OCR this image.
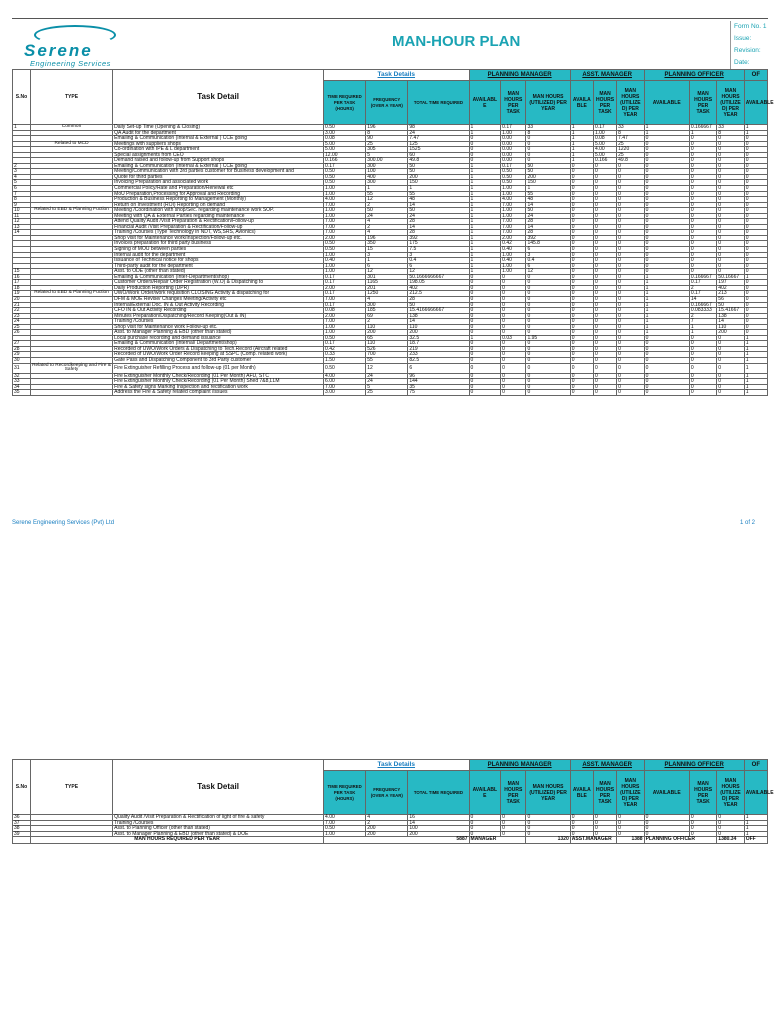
Serene
Engineering Services
MAN-HOUR PLAN
Form No. 1
Issue:
Revision:
Date:
S.No	TYPE	Task Detail	Task Details			PLANNING MANAGER			ASST. MANAGER			PLANNING OFFICER			OF
			TIME REQUIRED PER TASK (HOURS)	FREQUENCY (OVER A YEAR)	TOTAL TIME REQUIRED	AVAILABL E	MAN HOURS PER TASK	MAN HOURS (UTILIZED) PER YEAR	AVAILA BLE	MAN HOURS PER TASK	MAN HOURS (UTILIZE D) PER YEAR	AVAILABLE	MAN HOURS PER TASK	MAN HOURS (UTILIZE D) PER YEAR	AVAILABLE
1	Common	Daily Set-up Time (Opening & Closing)	0.50	196	98	1	0.17	33	1	0.17	33	1	0.166667	33	1
		QA Audit for the department	3.00	8	24	1	1.00	8	1	1.00	8	1	1	8	1
		Emailing & Communication (Internal & External ) CCE going	0.08	90	7.47	0	0.00	0	1	0.08	7.47	0	0	0	0
	Related to MCD	Meetings with suppliers shops	5.00	25	125	0	0.00	0	1	5.00	25	0	0	0	0
		Co-ordination with IPE & L department	5.00	305	1525	0	0.00	0	1	4.00	1220	0	0	0	0
		Special assignments from CEO	12.00	5	60	0	0.00	0	1	5.00	25	0	0	0	0
		Demand raised and follow-up from Support shops	0.166	300.00	49.8	0	0.00	0	1	0.166	49.8	0	0	0	0
2		Emailing & Communication (Internal & External ) CCE going	0.17	300	50	1	0.17	50	0	0	0	0	0	0	0
3		Meeting/Communication with 3rd parties customer for Business development and	0.50	100	50	1	0.50	50	0	0	0	0	0	0	0
4		Quote for third parties	0.50	400	200	1	0.50	200	0	0	0	0	0	0	0
5		Invoicing Preparation and associated work	0.50	300	150	1	0.50	150	0	0	0	0	0	0	0
6		Commercial Policy/Rate and Preparation/Renewal etc	1.00	1	1	1	1.00	1	0	0	0	0	0	0	0
7		MoU Preparation,Processing for Approval and Recording	1.00	55	55	1	1.00	55	0	0	0	0	0	0	0
8		Production & Business Reporting to Management (Monthly)	4.00	12	48	1	4.00	48	0	0	0	0	0	0	0
9		Return on Investment (ROI) Reporting on demand	7.00	2	14	1	7.00	14	0	0	0	0	0	0	0
10	Related to EBD & Planning Fuction	Meeting /Coordination with shop/Sec. regarding maintenance work SOP.	1.00	50	50	1	1.00	50	0	0	0	0	0	0	0
11		Meeting with QA & External Parties regarding maintenance	1.00	24	24	1	1.00	24	0	0	0	0	0	0	0
12		Attend Quality Audit /Visit Preparation & Rectification/Follow-up	7.00	4	28	1	7.00	28	0	0	0	0	0	0	0
13		Financial Audit /Visit Preparation & Rectification/Follow-up	7.00	2	14	1	7.00	14	0	0	0	0	0	0	0
14		Training /Courses (Type Technology in NDT, WS,SRS, Avionics)	7.00	4	28	1	7.00	28	0	0	0	0	0	0	0
		Shop visit for Maintenance work/Inspection/Follow-up etc.	2.00	196	392	1	2.00	392	0	0	0	0	0	0	0
		Invoices preparation for third party business	0.50	350	175	1	0.42	145.8	0	0	0	0	0	0	0
		Signing of MOU between parties	0.50	15	7.5	1	0.40	6	0	0	0	0	0	0	0
		Internal audit for the department	1.00	3	3	1	1.00	3	0	0	0	0	0	0	0
		Issuance of Technical notice for shops	0.40	1	0.4	1	0.40	0.4	0	0	0	0	0	0	0
		Third-party audit for the department	1.00	6	6	1	1.00	6	0	0	0	0	0	0	0
15		Asst. to ODE (other than stated)	1.00	12	12	1	1.00	12	0	0	0	0	0	0	0
16		Emailing & Communication (Inter-Department/shop)	0.17	301	50.1666666667	0	0	0	0	0	0	1	0.166667	50.16667	1
17		Customer Orders/Repair Order Registration (W.O) & Dispatching to	0.17	1165	198.05	0	0	0	0	0	0	1	0.17	197	0
18		Daily Production Reporting (DPR)	2.00	201	402	0	0	0	0	0	0	1	2	402	0
19	Related to EBD & Planning Fuction	UWO/Work Order/work requisition CLOSING Activity & dispatching for	0.17	1250	212.5	0	0	0	0	0	0	1	0.17	213	0
20		DFM & MOE Revise/ Changes Meeting/Activity etc	7.00	4	28	0	0	0	0	0	0	1	14	56	0
21		Internal/External Doc. IN & Out Activity Recording	0.17	300	50	0	0	0	0	0	0	1	0.166667	50	0
22		CFO IN & Out Activity Recording	0.08	185	15.4166666667	0	0	0	0	0	0	1	0.083333	15.41667	0
23		Minutes Preparation/Dispatching/Record Keeping(Out & IN)	2.00	69	138	0	0	0	0	0	0	1	2	138	0
24		Training /Courses	7.00	2	14	0	0	0	0	0	0	1	7	14	0
25		Shop visit for Maintenance work Follow-up etc.	1.00	110	110	0	0	0	0	0	0	1	1	110	0
26		Asst. to Manager Planning & EBD (other than stated)	1.00	200	200	0	0	0	0	0	0	1	1	200	0
		Local purchase recording and demand issuance	0.50	65	32.5	1	0.03	1.95	0	0	0	0	0	0	1
27		Emailing & Communication (Internal/ Department/shop)	0.17	110	18.7	0	0	0	0	0	0	0	0	0	1
28		Recorded of UWO/Work Orders & Dispatching to Tech.Record (Aircraft related	0.42	526	219	0	0	0	0	0	0	0	0	0	1
29		Recorded of UWO/Work Order Record keeping at SSPC (Comp. related work)	0.33	700	233	0	0	0	0	0	0	0	0	0	1
30		Gate Pass and Dispatching Component to 3rd Party customer	1.50	55	82.5	0	0	0	0	0	0	0	0	0	1
31	Related to Recordkeeping and Fire & Safety	Fire Extinguisher Refilling Process and follow-up (01 per Month)	0.50	12	6	0	0	0	0	0	0	0	0	0	1
32		Fire Extinguisher Monthly Check/Recording (01 Per Month) AFU, STC	4.00	24	96	0	0	0	0	0	0	0	0	0	1
33		Fire Extinguisher Monthly Check/Recording (01 Per Month) Shed 7&8,LLM	6.00	24	144	0	0	0	0	0	0	0	0	0	1
34		Fire & Safety signs Marking Inspection and rectification work	7.00	5	35	0	0	0	0	0	0	0	0	0	1
35		Address the Fire & Safety related complaint /issues	3.00	25	75	0	0	0	0	0	0	0	0	0	1
Serene Engineering Services (Pvt) Ltd	1 of 2
S.No	TYPE	Task Detail	Task Details			PLANNING MANAGER			ASST. MANAGER			PLANNING OFFICER			OF
			TIME REQUIRED PER TASK (HOURS)	FREQUENCY (OVER A YEAR)	TOTAL TIME REQUIRED	AVAILABL E	MAN HOURS PER TASK	MAN HOURS (UTILIZED) PER YEAR	AVAILA BLE	MAN HOURS PER TASK	MAN HOURS (UTILIZE D) PER YEAR	AVAILABLE	MAN HOURS PER TASK	MAN HOURS (UTILIZE D) PER YEAR	AVAILABLE
36		Quality Audit /Visit Preparation & Rectification of light of fire & safety	4.00	4	16	0	0	0	0	0	0	0	0	0	1
37		Training /Courses	7.00	2	14	0	0	0	0	0	0	0	0	0	1
38		Asst. to Planning Officer (other than stated)	0.50	200	100	0	0	0	0	0	0	0	0	0	1
39		Asst. to Manager Planning & EBD (other than stated) & DOE	1.00	200	200	0	0	0	0	0	0	0	0	0	1
	MAN HOURS REQUIRED PER YEAR		5887			MANAGER		1320	ASST.MANAGER		1388	PLANNING OFFICER		1380.34	OFF
